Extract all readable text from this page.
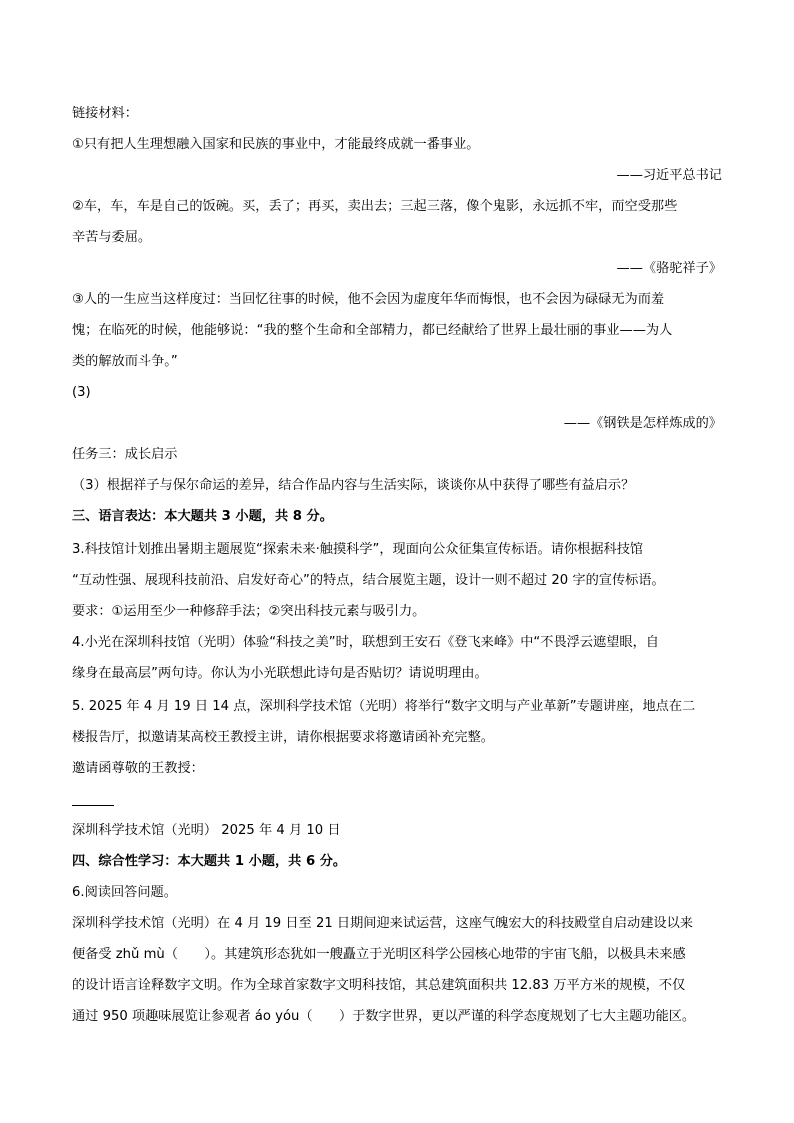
链接材料：
①只有把人生理想融入国家和民族的事业中，才能最终成就一番事业。
——习近平总书记
②车，车，车是自己的饭碗。买，丢了；再买，卖出去；三起三落，像个鬼影，永远抓不牢，而空受那些
辛苦与委屈。
——《骆驼祥子》
③人的一生应当这样度过：当回忆往事的时候，他不会因为虚度年华而悔恨，也不会因为碌碌无为而羞
愧；在临死的时候，他能够说：“我的整个生命和全部精力，都已经献给了世界上最壮丽的事业——为人
类的解放而斗争。”
(3)
——《钢铁是怎样炼成的》
任务三：成长启示
（3）根据祥子与保尔命运的差异，结合作品内容与生活实际，谈谈你从中获得了哪些有益启示？
三、语言表达：本大题共 3 小题，共 8 分。
3.科技馆计划推出暑期主题展览“探索未来·触摸科学”，现面向公众征集宣传标语。请你根据科技馆
“互动性强、展现科技前沿、启发好奇心”的特点，结合展览主题，设计一则不超过 20 字的宣传标语。
要求：①运用至少一种修辞手法；②突出科技元素与吸引力。
4.小光在深圳科技馆（光明）体验“科技之美”时，联想到王安石《登飞来峰》中“不畏浮云遮望眼，自
缘身在最高层”两句诗。你认为小光联想此诗句是否贴切？请说明理由。
5. 2025 年 4 月 19 日 14 点，深圳科学技术馆（光明）将举行“数字文明与产业革新”专题讲座，地点在二
楼报告厅，拟邀请某高校王教授主讲，请你根据要求将邀请函补充完整。
邀请函尊敬的王教授：
深圳科学技术馆（光明） 2025 年 4 月 10 日
四、综合性学习：本大题共 1 小题，共 6 分。
6.阅读回答问题。
深圳科学技术馆（光明）在 4 月 19 日至 21 日期间迎来试运营，这座气魄宏大的科技殿堂自启动建设以来
便备受 zhǔ mù（　　）。其建筑形态犹如一艘矗立于光明区科学公园核心地带的宇宙飞船，以极具未来感
的设计语言诠释数字文明。作为全球首家数字文明科技馆，其总建筑面积共 12.83 万平方米的规模，不仅
通过 950 项趣味展览让参观者 áo yóu（　　）于数字世界，更以严谨的科学态度规划了七大主题功能区。
